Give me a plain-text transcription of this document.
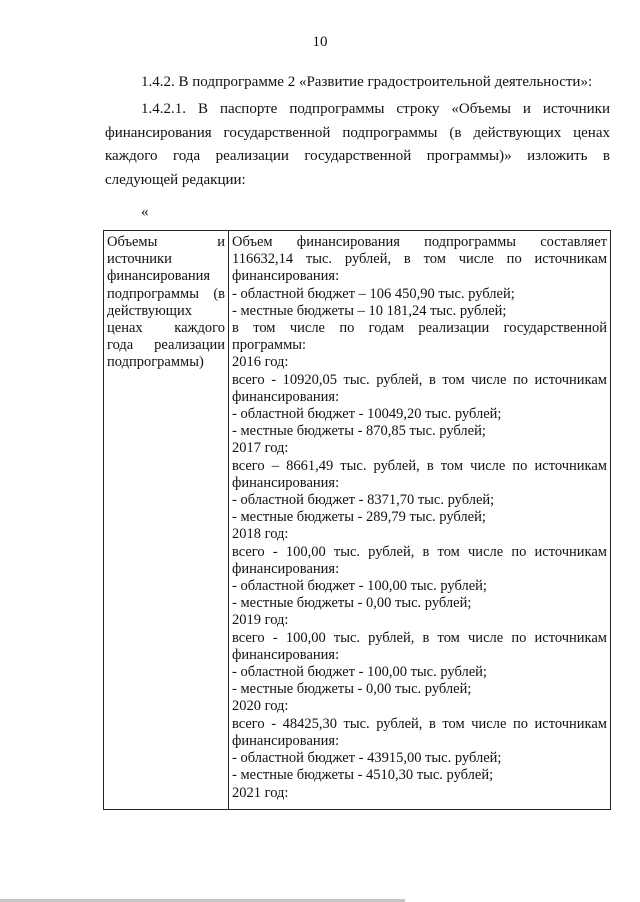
10

1.4.2. В подпрограмме 2 «Развитие градостроительной деятельности»:

1.4.2.1. В паспорте подпрограммы строку «Объемы и источники финансирования государственной подпрограммы (в действующих ценах каждого года реализации государственной программы)» изложить в следующей редакции:

«
Объемы и источники финансирования подпрограммы (в действующих ценах каждого года реализации подпрограммы)
Объем финансирования подпрограммы составляет 116632,14 тыс. рублей, в том числе по источникам финансирования:
- областной бюджет – 106 450,90 тыс. рублей;
- местные бюджеты – 10 181,24 тыс. рублей;
в том числе по годам реализации государственной программы:
2016 год:
всего - 10920,05 тыс. рублей, в том числе по источникам финансирования:
- областной бюджет - 10049,20 тыс. рублей;
- местные бюджеты - 870,85 тыс. рублей;
2017 год:
всего – 8661,49 тыс. рублей, в том числе по источникам финансирования:
- областной бюджет - 8371,70 тыс. рублей;
- местные бюджеты - 289,79 тыс. рублей;
2018 год:
всего - 100,00 тыс. рублей, в том числе по источникам финансирования:
- областной бюджет - 100,00 тыс. рублей;
- местные бюджеты - 0,00 тыс. рублей;
2019 год:
всего - 100,00 тыс. рублей, в том числе по источникам финансирования:
- областной бюджет - 100,00 тыс. рублей;
- местные бюджеты - 0,00 тыс. рублей;
2020 год:
всего - 48425,30 тыс. рублей, в том числе по источникам финансирования:
- областной бюджет - 43915,00 тыс. рублей;
- местные бюджеты - 4510,30 тыс. рублей;
2021 год:
